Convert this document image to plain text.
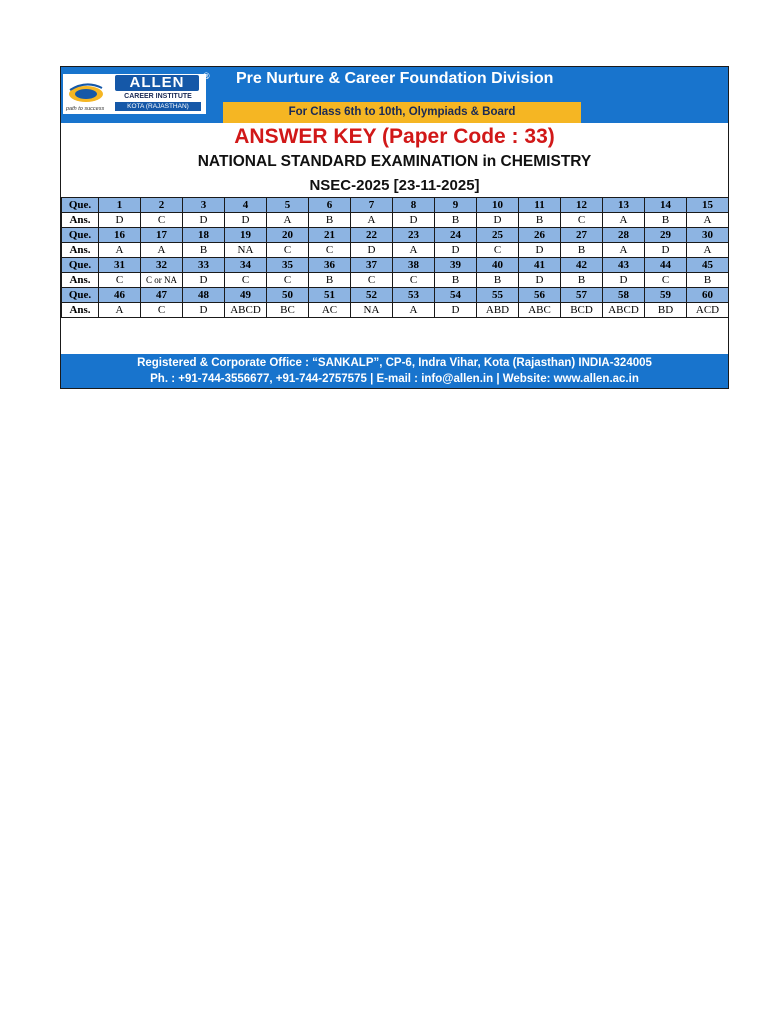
ALLEN
CAREER INSTITUTE
KOTA (RAJASTHAN)
path to success
® Pre Nurture & Career Foundation Division
For Class 6th to 10th, Olympiads & Board
ANSWER KEY (Paper Code : 33)
NATIONAL STANDARD EXAMINATION in CHEMISTRY
NSEC-2025 [23-11-2025]
Que.	1	2	3	4	5	6	7	8	9	10	11	12	13	14	15
Ans.	D	C	D	D	A	B	A	D	B	D	B	C	A	B	A
Que.	16	17	18	19	20	21	22	23	24	25	26	27	28	29	30
Ans.	A	A	B	NA	C	C	D	A	D	C	D	B	A	D	A
Que.	31	32	33	34	35	36	37	38	39	40	41	42	43	44	45
Ans.	C	C or NA	D	C	C	B	C	C	B	B	D	B	D	C	B
Que.	46	47	48	49	50	51	52	53	54	55	56	57	58	59	60
Ans.	A	C	D	ABCD	BC	AC	NA	A	D	ABD	ABC	BCD	ABCD	BD	ACD
Registered & Corporate Office : “SANKALP”, CP-6, Indra Vihar, Kota (Rajasthan) INDIA-324005
Ph. : +91-744-3556677, +91-744-2757575 | E-mail : info@allen.in | Website: www.allen.ac.in
